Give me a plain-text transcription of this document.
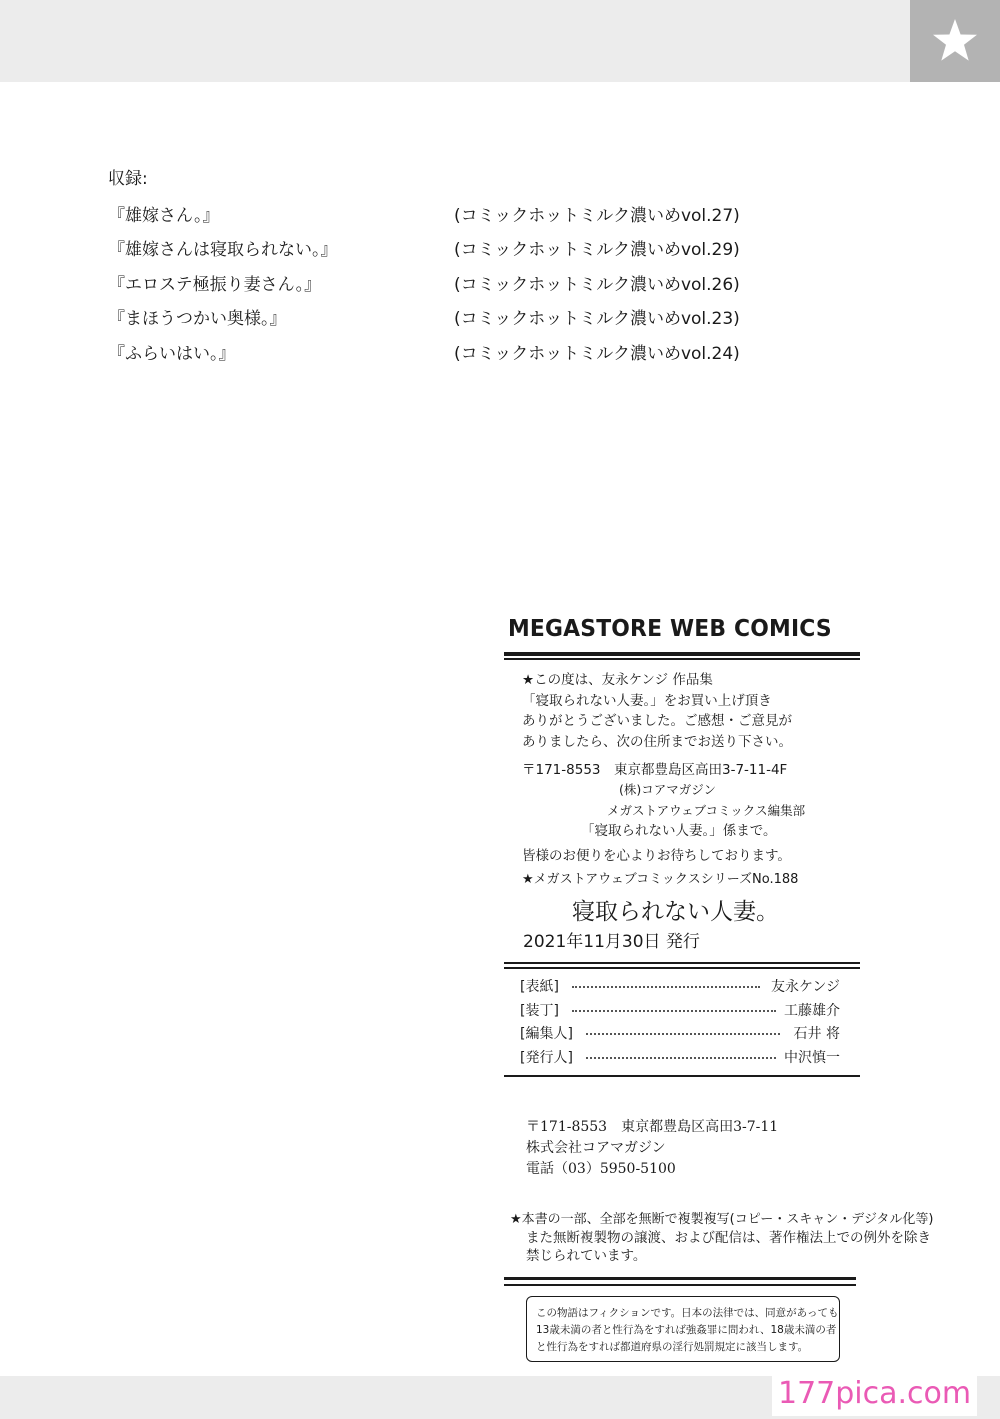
収録:
『雄嫁さん。』	(コミックホットミルク濃いめvol.27)
『雄嫁さんは寝取られない。』	(コミックホットミルク濃いめvol.29)
『エロステ極振り妻さん。』	(コミックホットミルク濃いめvol.26)
『まほうつかい奥様。』	(コミックホットミルク濃いめvol.23)
『ふらいはい。』	(コミックホットミルク濃いめvol.24)
MEGASTORE WEB COMICS
★この度は、友永ケンジ 作品集
「寝取られない人妻。」をお買い上げ頂き
ありがとうございました。ご感想・ご意見が
ありましたら、次の住所までお送り下さい。
〒171-8553　東京都豊島区高田3-7-11-4F
(株)コアマガジン
メガストアウェブコミックス編集部
「寝取られない人妻。」係まで。
皆様のお便りを心よりお待ちしております。
★メガストアウェブコミックスシリーズNo.188
寝取られない人妻。
2021年11月30日 発行
[表紙]	友永ケンジ
[装丁]	工藤雄介
[編集人]	石井 将
[発行人]	中沢慎一
〒171-8553　東京都豊島区高田3-7-11
株式会社コアマガジン
電話（03）5950-5100
★本書の一部、全部を無断で複製複写(コピー・スキャン・デジタル化等)
また無断複製物の譲渡、および配信は、著作権法上での例外を除き
禁じられています。
この物語はフィクションです。日本の法律では、同意があっても
13歳未満の者と性行為をすれば強姦罪に問われ、18歳未満の者
と性行為をすれば都道府県の淫行処罰規定に該当します。
177pica.com
